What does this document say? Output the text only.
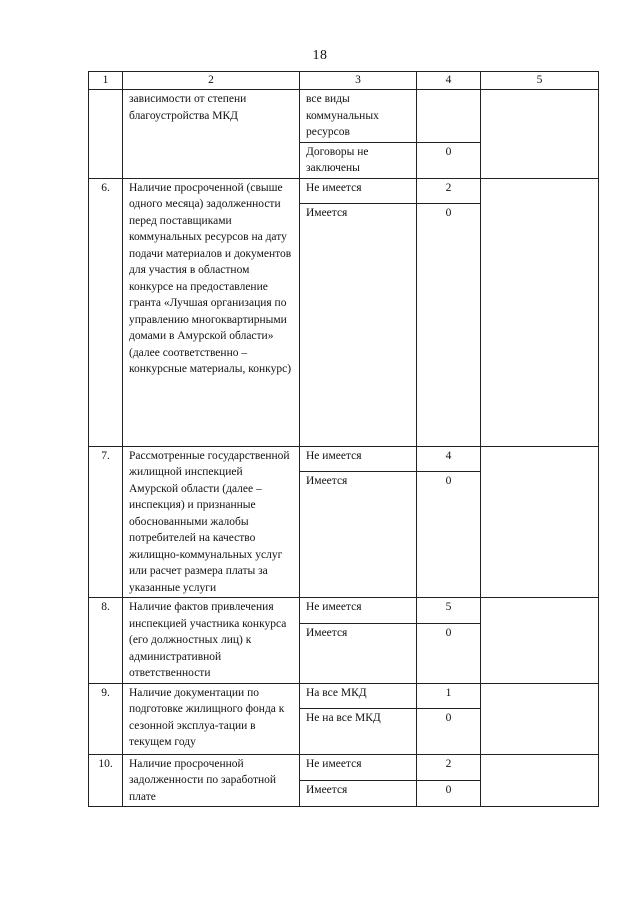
18
1	2	3	4	5
	зависимости от степени благоустройства МКД	все виды коммунальных ресурсов		
		Договоры не заключены	0	
6.	Наличие просроченной (свыше одного месяца) задолженности перед поставщиками коммунальных ресурсов на дату подачи материалов и документов для участия в областном конкурсе на предоставление гранта «Лучшая организация по управлению многоквартирными домами в Амурской области» (далее соответственно – конкурсные материалы, конкурс)	Не имеется	2	
		Имеется	0	
7.	Рассмотренные государственной жилищной инспекцией Амурской области (далее – инспекция) и признанные обоснованными жалобы потребителей на качество жилищно-коммунальных услуг или расчет размера платы за указанные услуги	Не имеется	4	
		Имеется	0	
8.	Наличие фактов привлечения инспекцией участника конкурса (его должностных лиц) к административной ответственности	Не имеется	5	
		Имеется	0	
9.	Наличие документации по подготовке жилищного фонда к сезонной эксплуа-тации в текущем году	На все МКД	1	
		Не на все МКД	0	
10.	Наличие просроченной задолженности по заработной плате	Не имеется	2	
		Имеется	0	
